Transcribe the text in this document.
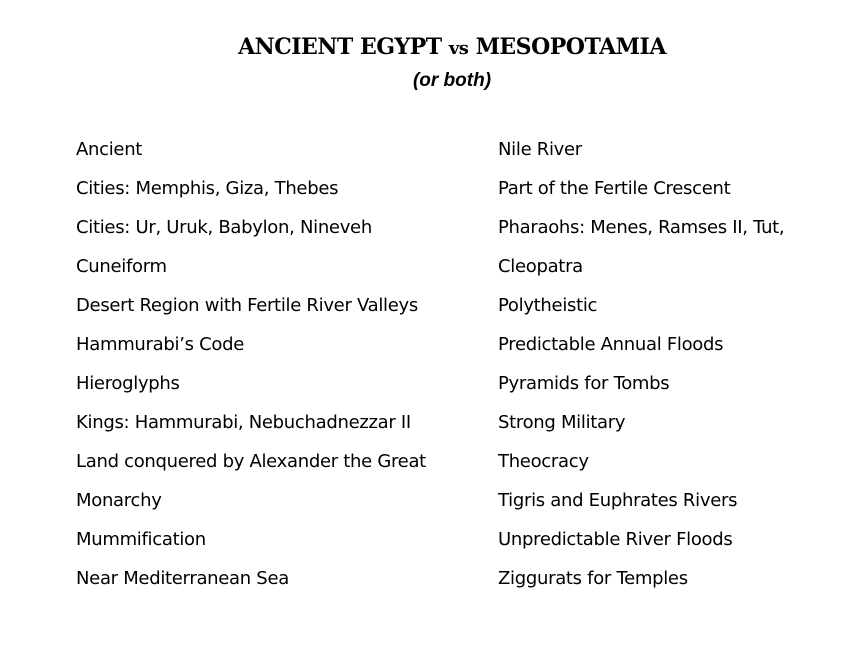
ANCIENT EGYPT vs MESOPOTAMIA

(or both)

Ancient
Cities: Memphis, Giza, Thebes
Cities: Ur, Uruk, Babylon, Nineveh
Cuneiform
Desert Region with Fertile River Valleys
Hammurabi’s Code
Hieroglyphs
Kings: Hammurabi, Nebuchadnezzar II
Land conquered by Alexander the Great
Monarchy
Mummification
Near Mediterranean Sea
Nile River
Part of the Fertile Crescent
Pharaohs: Menes, Ramses II, Tut,
Cleopatra
Polytheistic
Predictable Annual Floods
Pyramids for Tombs
Strong Military
Theocracy
Tigris and Euphrates Rivers
Unpredictable River Floods
Ziggurats for Temples
